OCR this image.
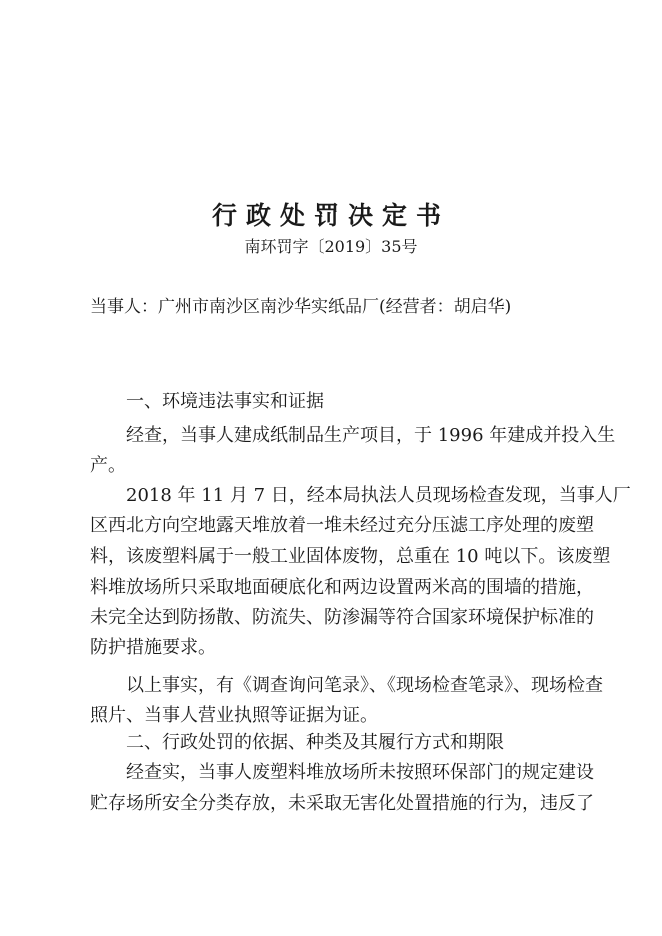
行政处罚决定书
南环罚字〔2019〕35号
当事人：广州市南沙区南沙华实纸品厂(经营者：胡启华)
一、环境违法事实和证据
经查，当事人建成纸制品生产项目，于 1996 年建成并投入生
产。
2018 年 11 月 7 日，经本局执法人员现场检查发现，当事人厂
区西北方向空地露天堆放着一堆未经过充分压滤工序处理的废塑
料，该废塑料属于一般工业固体废物，总重在 10 吨以下。该废塑
料堆放场所只采取地面硬底化和两边设置两米高的围墙的措施，
未完全达到防扬散、防流失、防渗漏等符合国家环境保护标准的
防护措施要求。
以上事实，有《调查询问笔录》、《现场检查笔录》、现场检查
照片、当事人营业执照等证据为证。
二、行政处罚的依据、种类及其履行方式和期限
经查实，当事人废塑料堆放场所未按照环保部门的规定建设
贮存场所安全分类存放，未采取无害化处置措施的行为，违反了
